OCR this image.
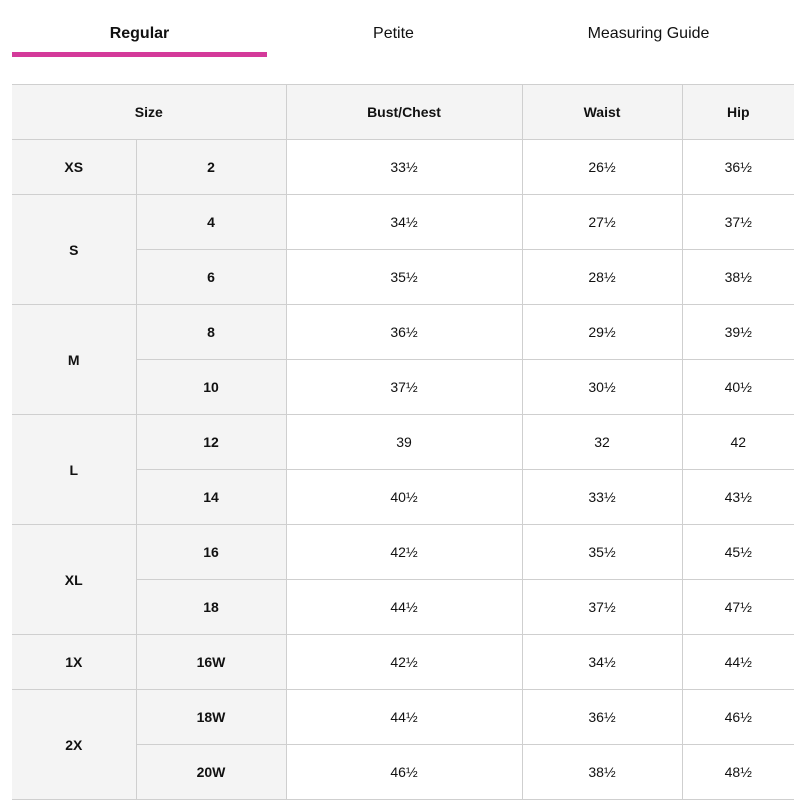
Regular	Petite	Measuring Guide
Size		Bust/Chest	Waist	Hip
XS	2	33½	26½	36½
S	4	34½	27½	37½
	6	35½	28½	38½
M	8	36½	29½	39½
	10	37½	30½	40½
L	12	39	32	42
	14	40½	33½	43½
XL	16	42½	35½	45½
	18	44½	37½	47½
1X	16W	42½	34½	44½
2X	18W	44½	36½	46½
	20W	46½	38½	48½
